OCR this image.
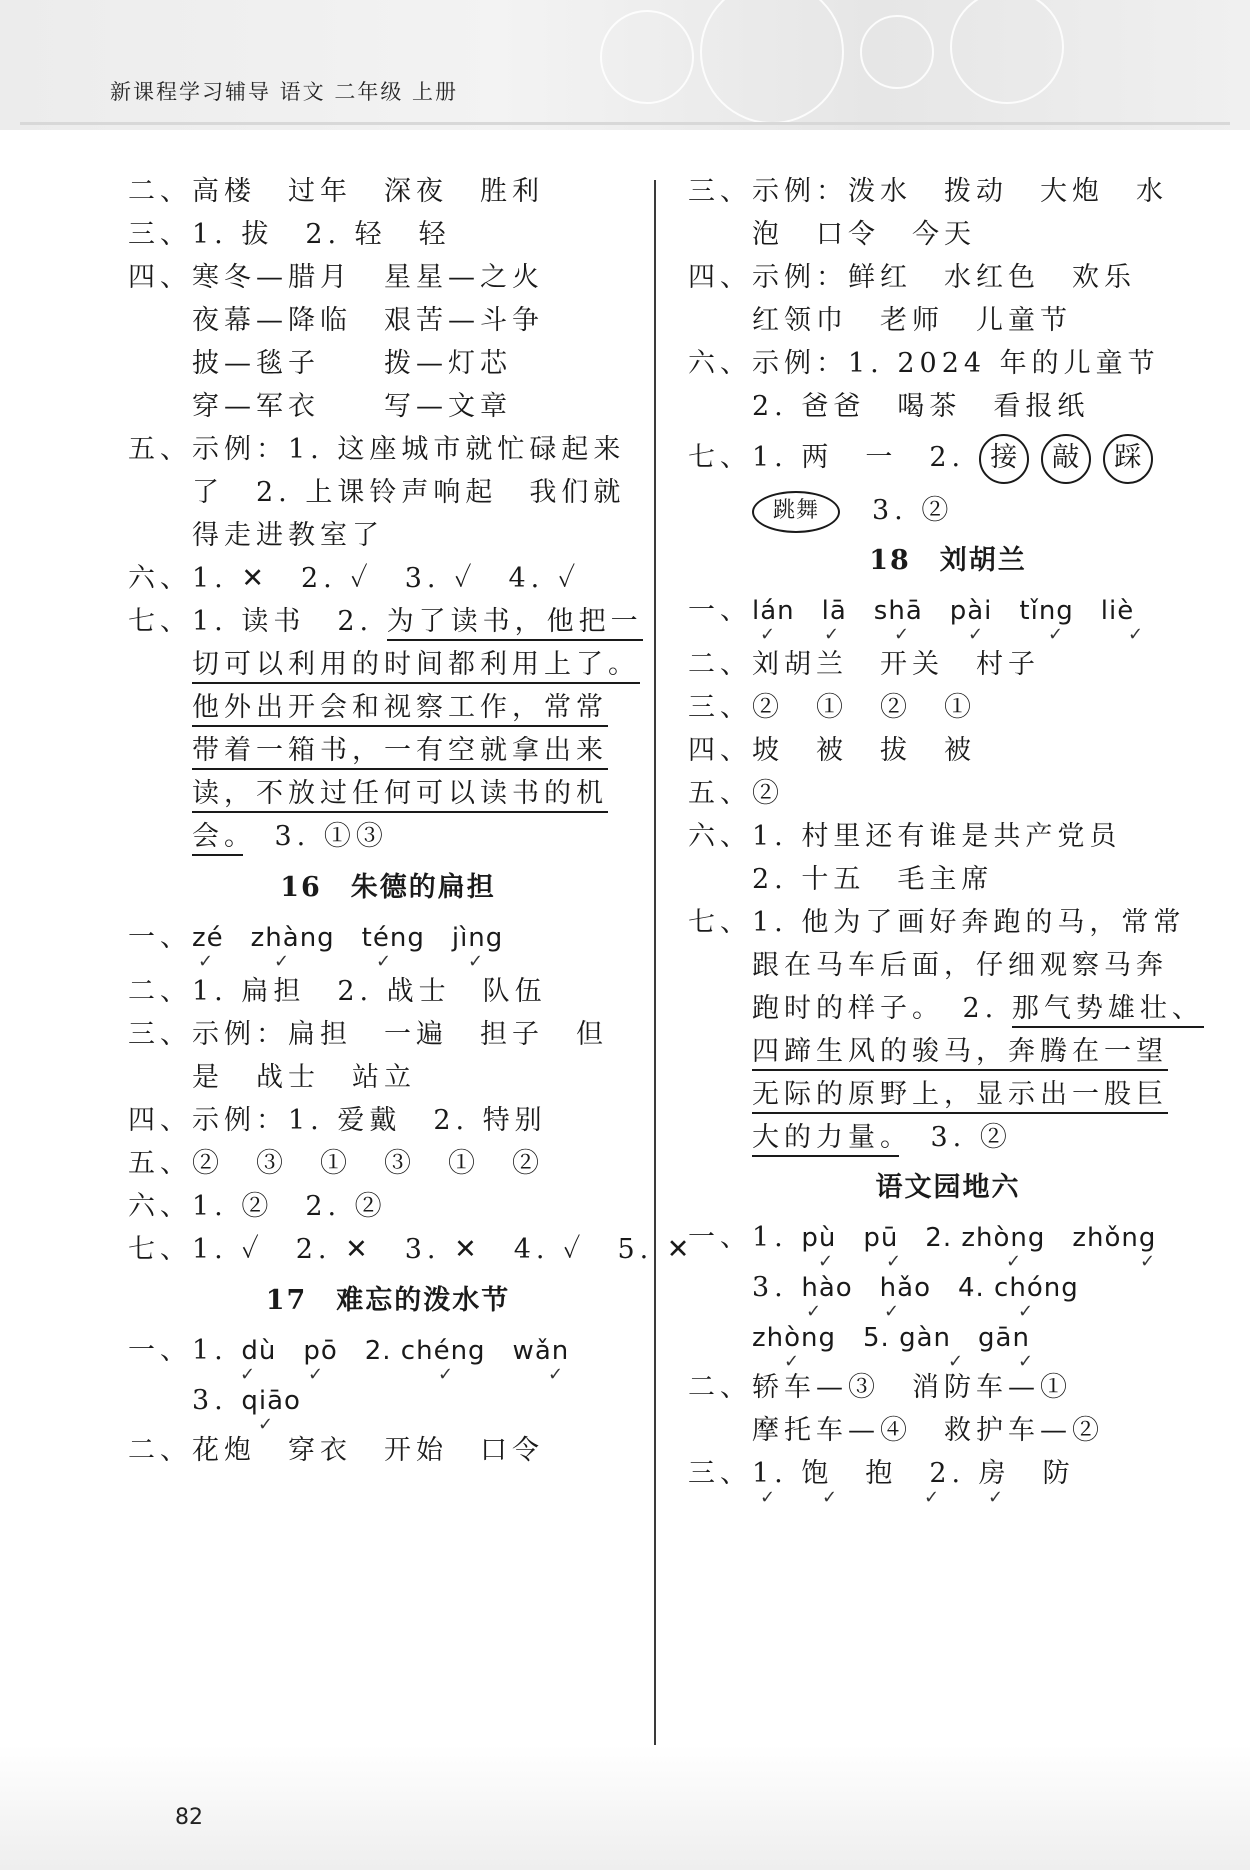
新课程学习辅导 语文 二年级 上册
二、高楼　过年　深夜　胜利
三、1. 拔　2. 轻　轻
四、寒冬—腊月　星星—之火
夜幕—降临　艰苦—斗争
披—毯子　　拨—灯芯
穿—军衣　　写—文章
五、示例：1. 这座城市就忙碌起来
了　2. 上课铃声响起　我们就
得走进教室了
六、1. ✕　2. ✓　3. ✓　4. ✓
七、1. 读书　2. 为了读书，他把一
切可以利用的时间都利用上了。
他外出开会和视察工作，常常
带着一箱书，一有空就拿出来
读，不放过任何可以读书的机
会。　3. ①③
16　朱德的扁担
一、zé　zhàng　téng　jìng
✓	✓	✓	✓
二、1. 扁担　2. 战士　队伍
三、示例：扁担　一遍　担子　但
是　战士　站立
四、示例：1. 爱戴　2. 特别
五、②　③　①　③　①　②
六、1. ②　2. ②
七、1. ✓　2. ✕　3. ✕　4. ✓　5. ✕
17　难忘的泼水节
一、1. dù　pō　2. chéng　wǎn
✓	✓	✓	✓
3. qiāo
✓
二、花炮　穿衣　开始　口令
三、示例：泼水　拨动　大炮　水
泡　口令　今天
四、示例：鲜红　水红色　欢乐
红领巾　老师　儿童节
六、示例：1. 2024 年的儿童节
2. 爸爸　喝茶　看报纸
七、1. 两　一　2. 接 敲 踩
跳舞　3. ②
18　刘胡兰
一、lán　lā　shā　pài　tǐng　liè
✓	✓	✓	✓	✓	✓
二、刘胡兰　开关　村子
三、②　①　②　①
四、坡　被　拔　被
五、②
六、1. 村里还有谁是共产党员
2. 十五　毛主席
七、1. 他为了画好奔跑的马，常常
跟在马车后面，仔细观察马奔
跑时的样子。　2. 那气势雄壮、
四蹄生风的骏马，奔腾在一望
无际的原野上，显示出一股巨
大的力量。　3. ②
语文园地六
一、1. pù　pū　2. zhòng　zhǒng
✓	✓	✓	✓
3. hào　hǎo　4. chóng
✓	✓	✓
zhòng　5. gàn　gān
✓	✓	✓
二、轿车—③　消防车—①
摩托车—④　救护车—②
三、1. 饱　抱　2. 房　防
✓	✓	✓	✓
82
